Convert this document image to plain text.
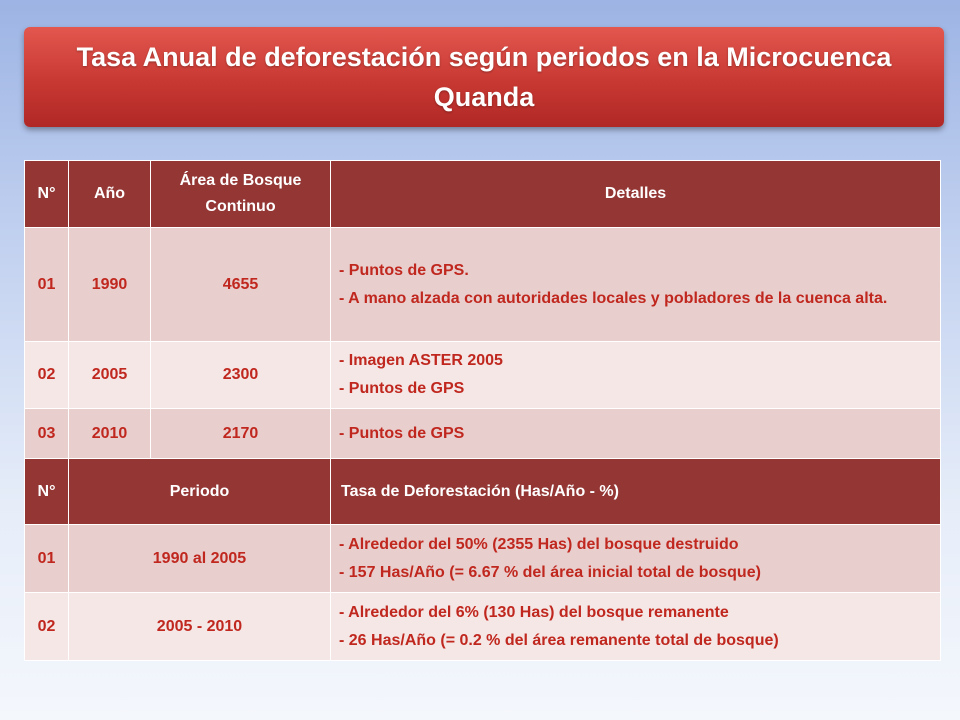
Tasa Anual de deforestación según periodos en la Microcuenca Quanda
N°	Año	Área de Bosque Continuo	Detalles
01	1990	4655	- Puntos de GPS.
- A mano alzada con autoridades locales y pobladores de la cuenca alta.

02	2005	2300	- Imagen ASTER 2005
- Puntos de GPS

03	2010	2170	- Puntos de GPS

N°	Periodo		Tasa de Deforestación (Has/Año - %)
01	1990 al 2005		- Alrededor del 50% (2355 Has) del bosque destruido
- 157 Has/Año (= 6.67 % del área inicial total de bosque)

02	2005 - 2010		- Alrededor del 6% (130 Has) del bosque remanente
- 26 Has/Año (= 0.2 % del área remanente total de bosque)
